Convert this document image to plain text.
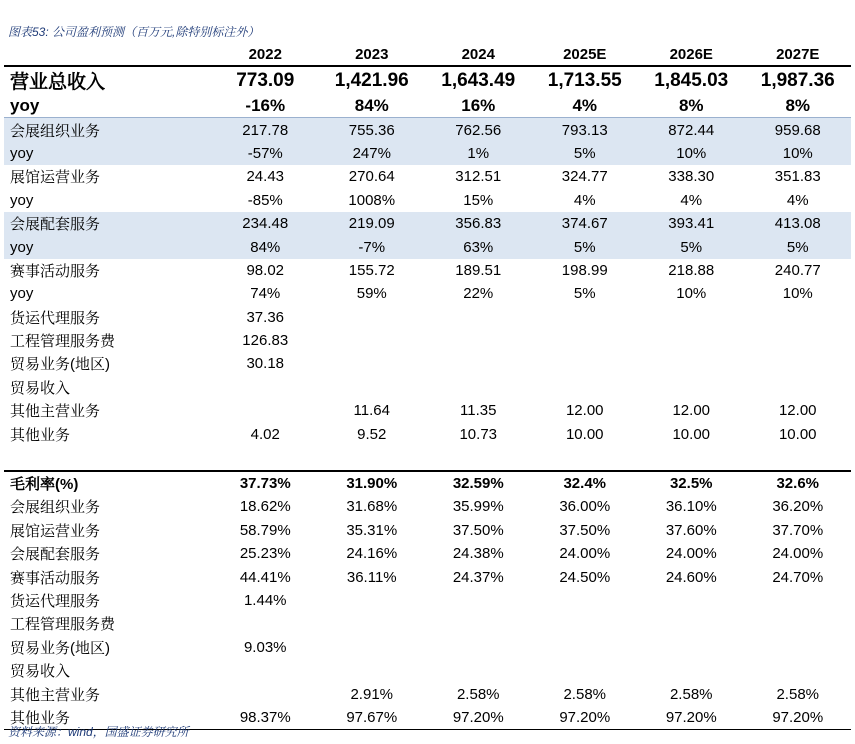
图表53: 公司盈利预测（百万元,除特别标注外）
	2022	2023	2024	2025E	2026E	2027E
营业总收入	773.09	1,421.96	1,643.49	1,713.55	1,845.03	1,987.36
yoy	-16%	84%	16%	4%	8%	8%
会展组织业务	217.78	755.36	762.56	793.13	872.44	959.68
yoy	-57%	247%	1%	5%	10%	10%
展馆运营业务	24.43	270.64	312.51	324.77	338.30	351.83
yoy	-85%	1008%	15%	4%	4%	4%
会展配套服务	234.48	219.09	356.83	374.67	393.41	413.08
yoy	84%	-7%	63%	5%	5%	5%
赛事活动服务	98.02	155.72	189.51	198.99	218.88	240.77
yoy	74%	59%	22%	5%	10%	10%
货运代理服务	37.36					
工程管理服务费	126.83					
贸易业务(地区)	30.18					
贸易收入						
其他主营业务		11.64	11.35	12.00	12.00	12.00
其他业务	4.02	9.52	10.73	10.00	10.00	10.00

毛利率(%)	37.73%	31.90%	32.59%	32.4%	32.5%	32.6%
会展组织业务	18.62%	31.68%	35.99%	36.00%	36.10%	36.20%
展馆运营业务	58.79%	35.31%	37.50%	37.50%	37.60%	37.70%
会展配套服务	25.23%	24.16%	24.38%	24.00%	24.00%	24.00%
赛事活动服务	44.41%	36.11%	24.37%	24.50%	24.60%	24.70%
货运代理服务	1.44%					
工程管理服务费						
贸易业务(地区)	9.03%					
贸易收入						
其他主营业务		2.91%	2.58%	2.58%	2.58%	2.58%
其他业务	98.37%	97.67%	97.20%	97.20%	97.20%	97.20%
资料来源：wind，国盛证券研究所
